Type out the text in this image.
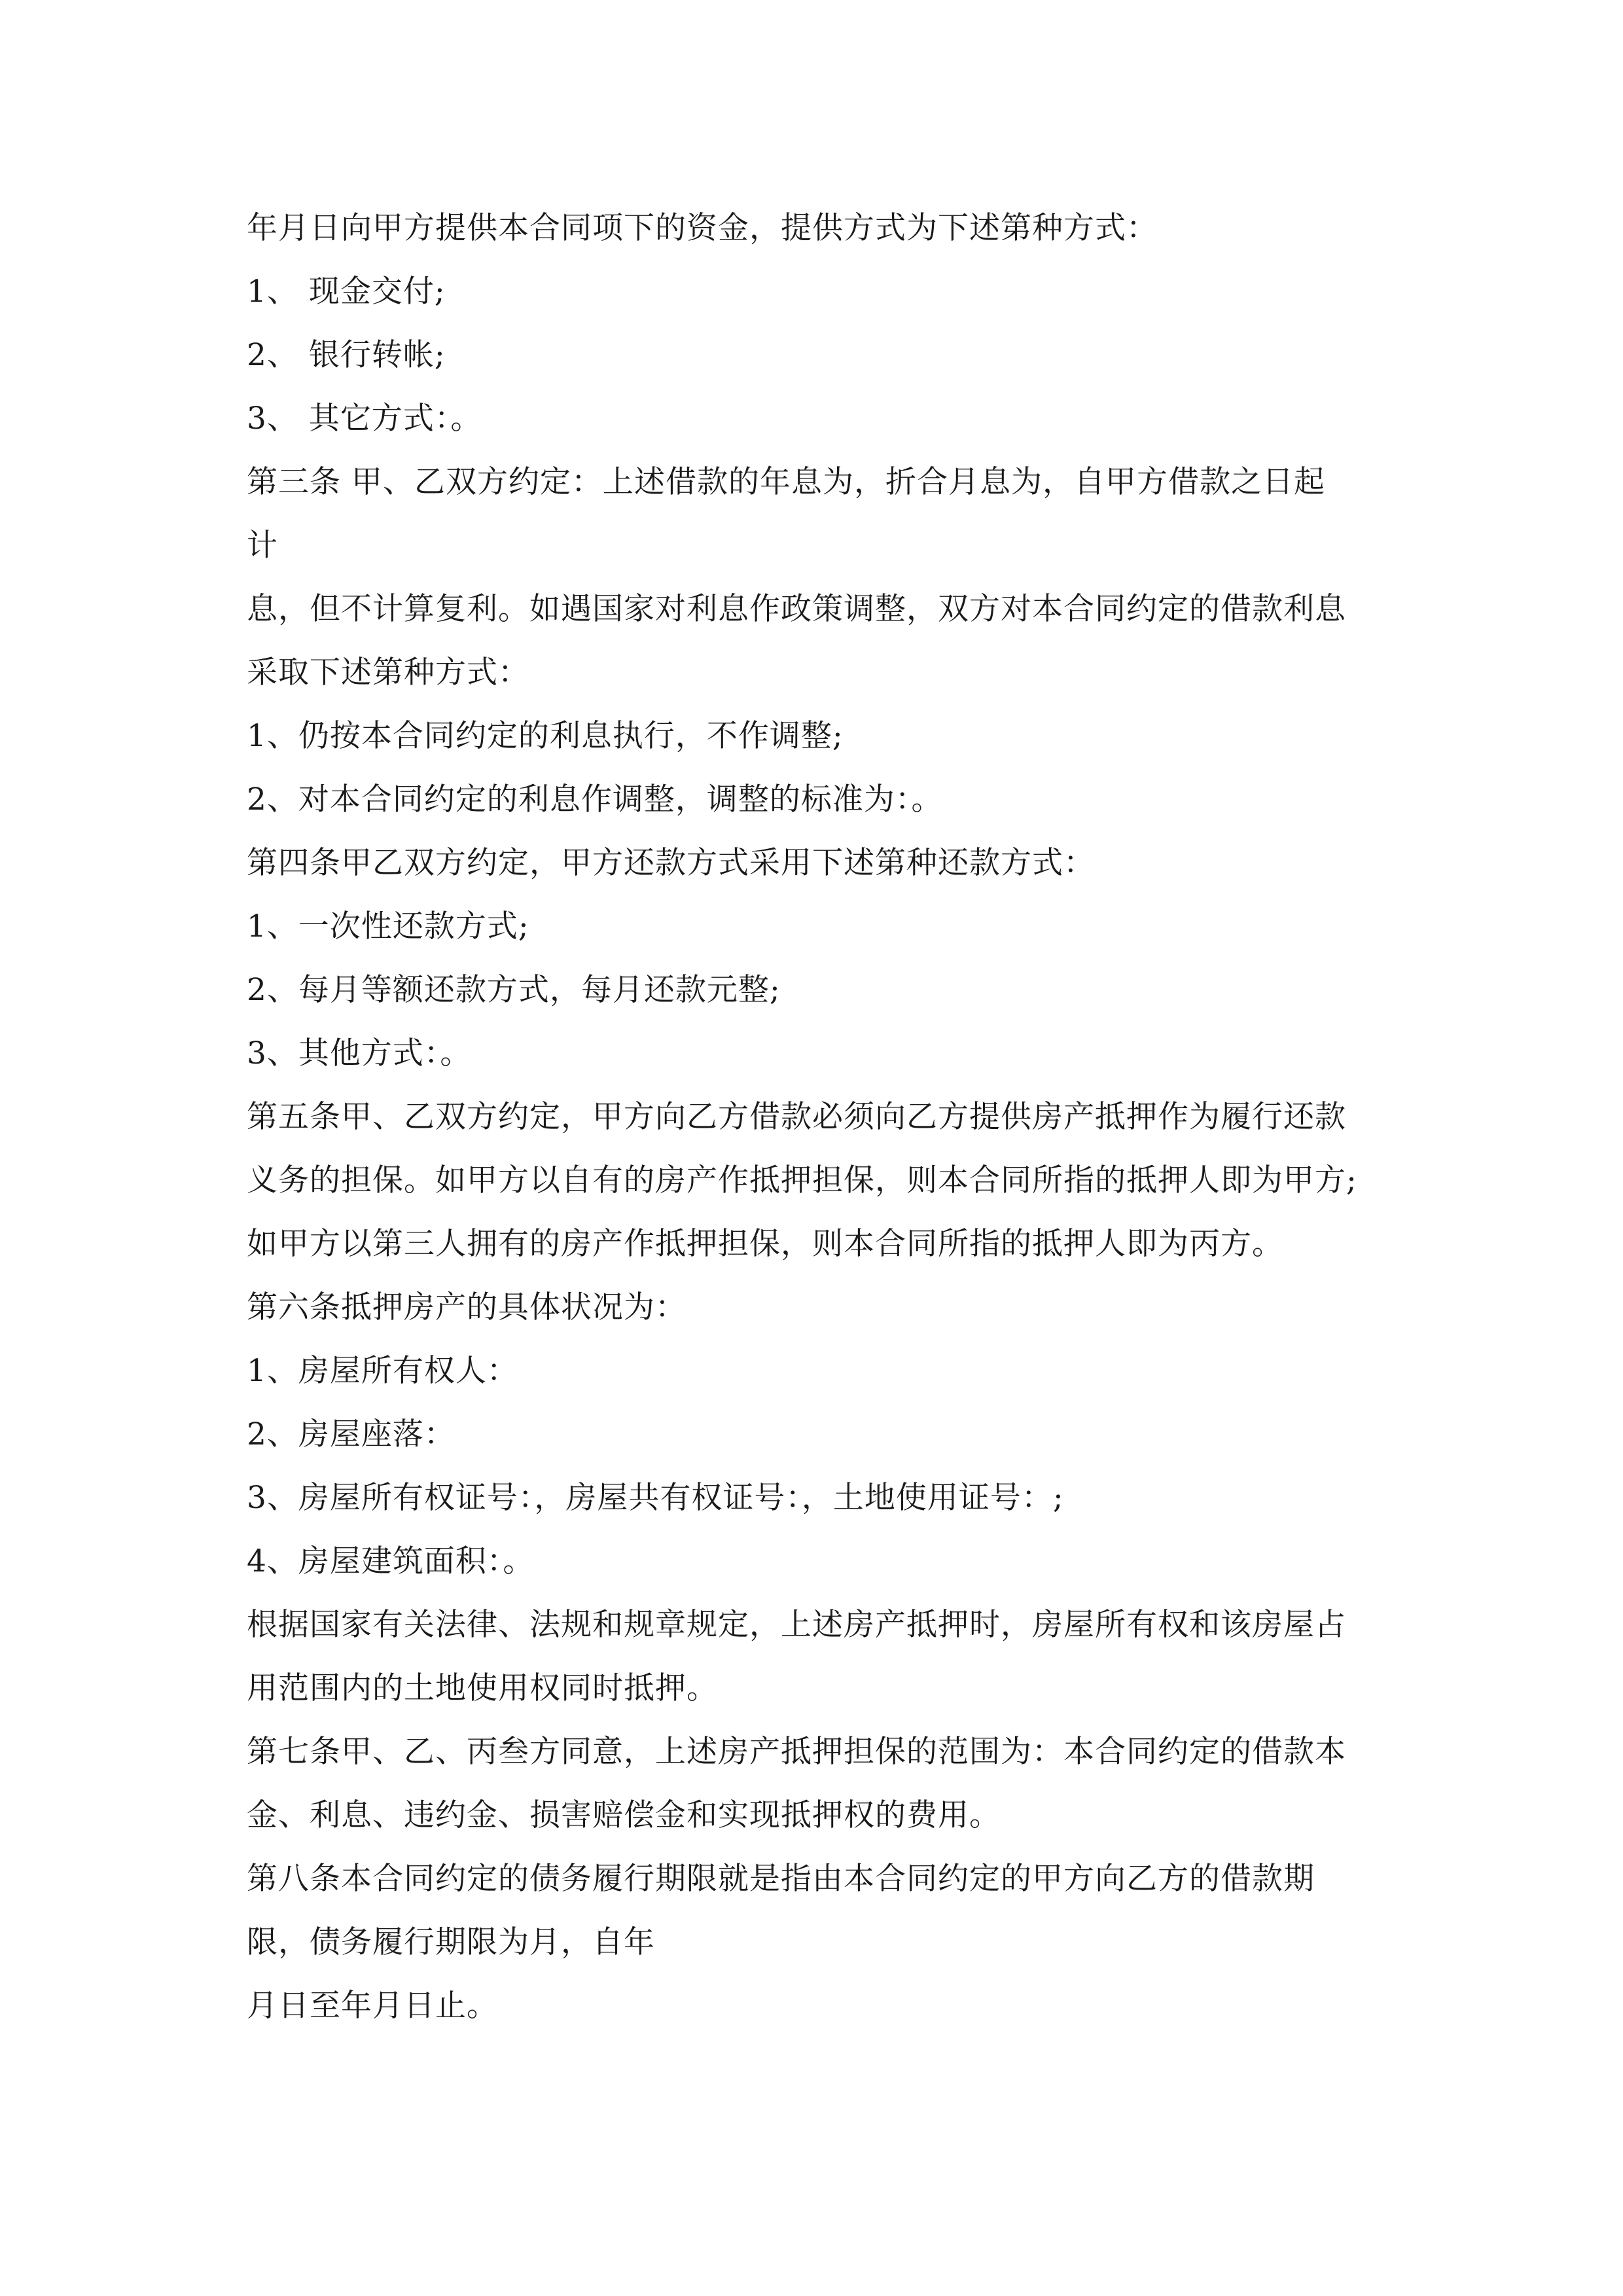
年月日向甲方提供本合同项下的资金，提供方式为下述第种方式：
1、 现金交付;
2、 银行转帐;
3、 其它方式：。
第三条 甲、乙双方约定：上述借款的年息为，折合月息为，自甲方借款之日起
计
息，但不计算复利。如遇国家对利息作政策调整，双方对本合同约定的借款利息
采取下述第种方式：
1、仍按本合同约定的利息执行，不作调整;
2、对本合同约定的利息作调整，调整的标准为：。
第四条甲乙双方约定，甲方还款方式采用下述第种还款方式：
1、一次性还款方式;
2、每月等额还款方式，每月还款元整;
3、其他方式：。
第五条甲、乙双方约定，甲方向乙方借款必须向乙方提供房产抵押作为履行还款
义务的担保。如甲方以自有的房产作抵押担保，则本合同所指的抵押人即为甲方;
如甲方以第三人拥有的房产作抵押担保，则本合同所指的抵押人即为丙方。
第六条抵押房产的具体状况为：
1、房屋所有权人：
2、房屋座落：
3、房屋所有权证号：，房屋共有权证号：，土地使用证号：;
4、房屋建筑面积：。
根据国家有关法律、法规和规章规定，上述房产抵押时，房屋所有权和该房屋占
用范围内的土地使用权同时抵押。
第七条甲、乙、丙叁方同意，上述房产抵押担保的范围为：本合同约定的借款本
金、利息、违约金、损害赔偿金和实现抵押权的费用。
第八条本合同约定的债务履行期限就是指由本合同约定的甲方向乙方的借款期
限，债务履行期限为月，自年
月日至年月日止。
